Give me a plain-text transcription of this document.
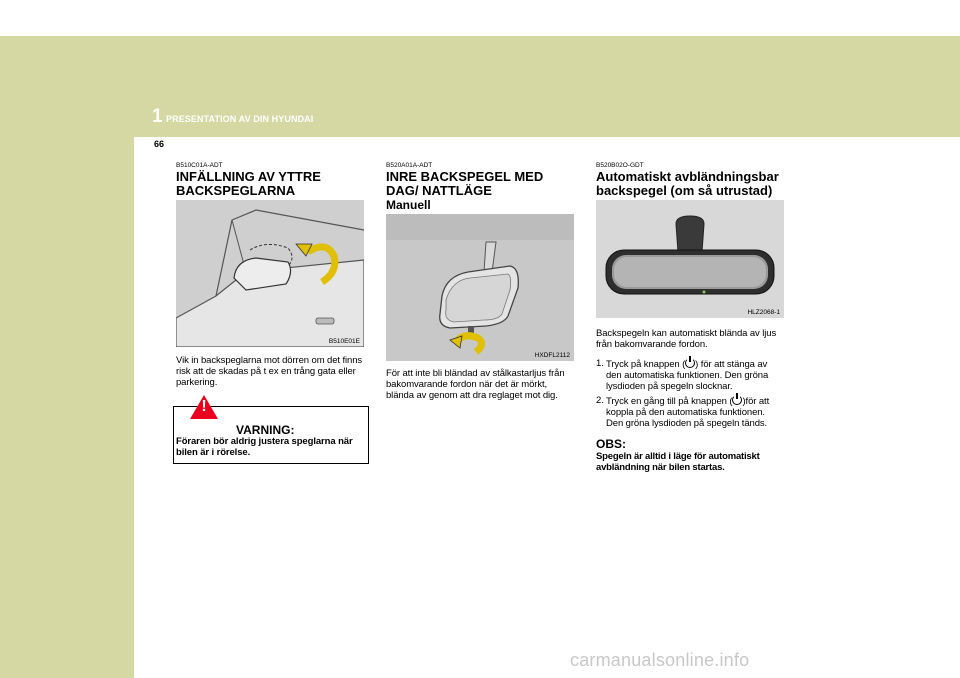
1 PRESENTATION AV DIN HYUNDAI
66

B510C01A-ADT

INFÄLLNING AV YTTRE BACKSPEGLARNA

B510E01E

Vik in backspeglarna mot dörren om det finns risk att de skadas på t ex en trång gata eller parkering.

!
VARNING:
Föraren bör aldrig justera speglarna när bilen är i rörelse.

B520A01A-ADT

INRE BACKSPEGEL MED DAG/ NATTLÄGE

Manuell

HXDFL2112

För att inte bli bländad av stålkastarljus från bakomvarande fordon när det är mörkt, blända av genom att dra reglaget mot dig.

B520B02O-GDT

Automatiskt avbländningsbar backspegel (om så utrustad)

HLZ2068-1

Backspegeln kan automatiskt blända av ljus från bakomvarande fordon.

1. Tryck på knappen ( ) för att stänga av den automatiska funktionen. Den gröna lysdioden på spegeln slocknar.
2. Tryck en gång till på knappen ( )för att koppla på den automatiska funktionen. Den gröna lysdioden på spegeln tänds.

OBS:

Spegeln är alltid i läge för automatiskt avbländning när bilen startas.

carmanualsonline.info
